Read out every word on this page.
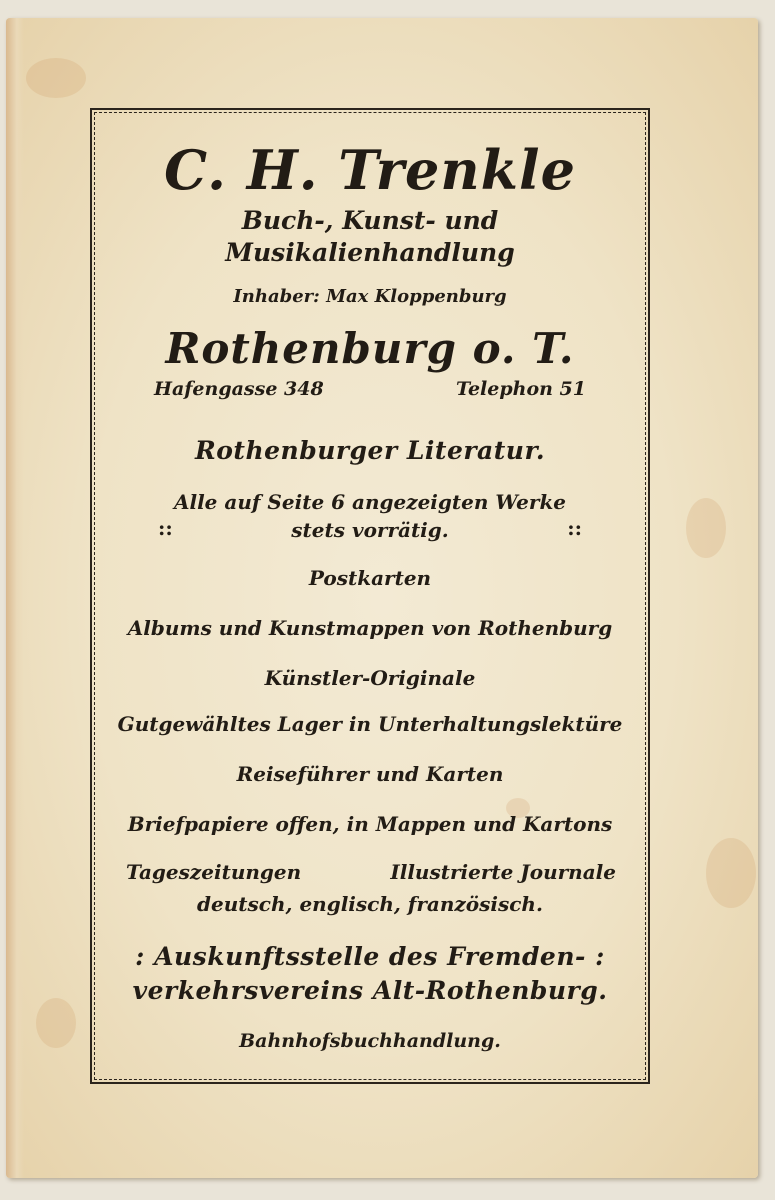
C. H. Trenkle
Buch-, Kunst- und
Musikalienhandlung
Inhaber: Max Kloppenburg
Rothenburg o. T.
Hafengasse 348	Telephon 51
Rothenburger Literatur.
Alle auf Seite 6 angezeigten Werke
::	stets vorrätig.	::
Postkarten
Albums und Kunstmappen von Rothenburg
Künstler-Originale
Gutgewähltes Lager in Unterhaltungslektüre
Reiseführer und Karten
Briefpapiere offen, in Mappen und Kartons
Tageszeitungen	Illustrierte Journale
deutsch, englisch, französisch.
: Auskunftsstelle des Fremden- :
verkehrsvereins Alt-Rothenburg.
Bahnhofsbuchhandlung.
